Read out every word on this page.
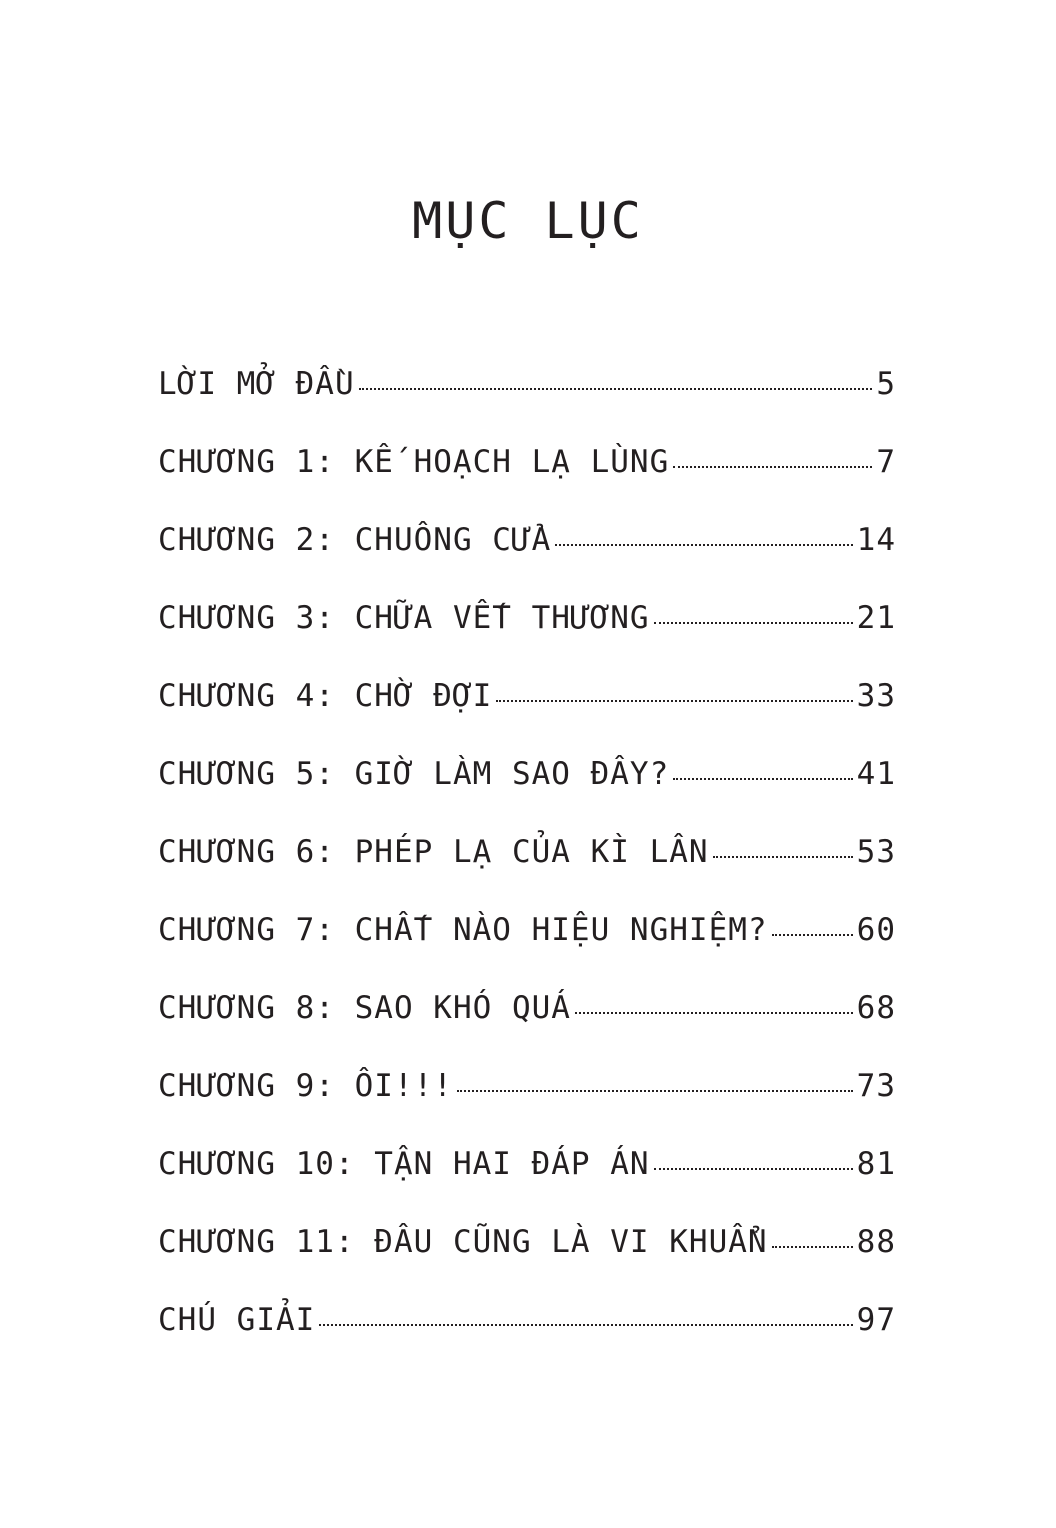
MỤC LỤC
LỜI MỞ ĐẦU	5
CHƯƠNG 1: KẾ HOẠCH LẠ LÙNG	7
CHƯƠNG 2: CHUÔNG CỬA	14
CHƯƠNG 3: CHỮA VẾT THƯƠNG	21
CHƯƠNG 4: CHỜ ĐỢI	33
CHƯƠNG 5: GIỜ LÀM SAO ĐÂY?	41
CHƯƠNG 6: PHÉP LẠ CỦA KÌ LÂN	53
CHƯƠNG 7: CHẤT NÀO HIỆU NGHIỆM?	60
CHƯƠNG 8: SAO KHÓ QUÁ	68
CHƯƠNG 9: ÔI!!!	73
CHƯƠNG 10: TẬN HAI ĐÁP ÁN	81
CHƯƠNG 11: ĐÂU CŨNG LÀ VI KHUẨN	88
CHÚ GIẢI	97
